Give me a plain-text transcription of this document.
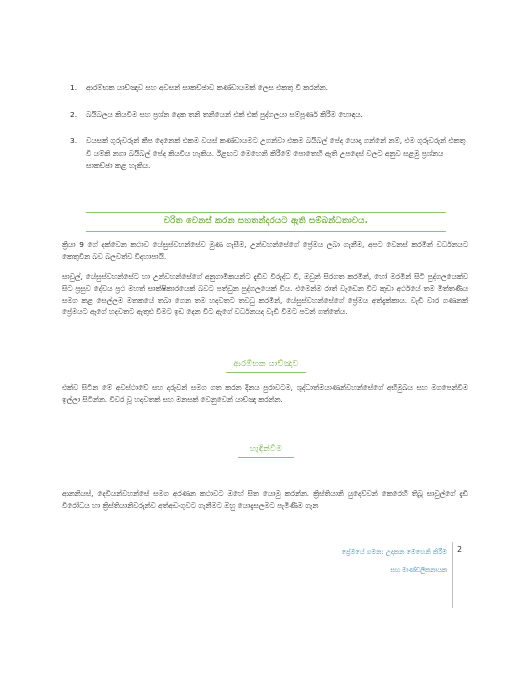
1.	ආරම්භක යාච්ඤාව සහ අවසන් සාකච්ඡාව කණ්ඩායමක් ලෙස එකතු වී කරන්න.
2.	බයිබලය කියවීම සහ ප්‍රශ්න දෙක තනි තනියෙන් එක් එක් පුද්ගලයා සම්පූර්ණ කිරීම හොඳය.
3.	වයසක් ගුරුවරුන් කීප දෙනෙක් එකම වයස් කණ්ඩායමට උගන්වා එකම බයිබල් පේද යොදා ගන්නේ නම්, එම ගුරුවරුන් එකතු වී යම්කි නගා බයිබල් පේද කියවිය හැකිය. ඊළඟට මෙහෙනි කිරීමේ පොතෙහි ඇති උපදෙස් වලට අනුව සළමු ප්‍රශ්නය සාකච්ඡා කළ හැකිය.
චරිත වෙනස් කරන සහතන්දරයට ඇති සම්බන්ධතාවය.

ක්‍රියා 9 ගේ දක්වෙන කථාව යේසුස්වහන්සේව මුණ ගැසීම, උන්වහන්සේගේ ප්‍රේමය ලබා ගැනීම, අපට වෙනස් කරමින් වර්ධනයට කෙතුවින බව බලවත්ව විදහාපායි.

සාවුල්, යේසුස්වහන්සේට හා උන්වහන්සේගේ අනුගාමිකයන්ට දැඩිව විරුද්ධ වී, ඔවුන් සිරගත කරමින්, හෝ මරමින් සිටි පුද්ගලයෙක්ව සිට ප්‍රසුව දේවය ප්‍රථ මහත් සාක්ෂිකාරයෙක් බවට පත්වුන පුද්ගලයෙක් විය. එමෙන්ම රාත් වැඩෙන විට කුඩා අර්ථයේ තම මිත්තණිය සමග කළ සෙල්ලම මතකයේ තබා ගෙන තම හදවතට තවධු කරමින්, යේසුස්වහන්සේගේ ප්‍රේමය අත්දැක්කාය. වැඩි වාර ගණනක් ප්‍රේමයට ඇගේ හදවතට ඇතුළු වීමට ඉඩ දෙන විට ඇගේ වර්ධනයද වැඩි වීමට පටන් ගත්තේය.

ආරම්භක යාච්ඤාව

එක්ව සිටින මේ අවස්ථාවේ සහ දරුවන් සමග ගත කරන දිනය පුරාවටම, ශුද්ධාත්මයාණන්වහන්සේගේ අභිමුඛය සහ මගපෙන්වීම ඉල්ලා සිටින්න. විවර වූ හදවතක් සහ මනසක් වෙනුවෙන් යාච්ඤා කරන්න.

හැඳින්වීම

ආනනියස්, දෙවියන්වහන්සේ සමග අරණන කථාවට ඔහේ සිත යොමු කරන්න. ක්‍රිස්තියානි යුදෙව්වන් කෙරෙහි තිබූ සාවුල්ගේ දැඩි විරෝධය හා ක්‍රිස්තියානිවරුන්ව අත්අඩංගුවට ගැනීමට ඔහු යොදැසලමට පැමිණීම ගැන

ප්‍රේමයේ ගමන: උදාකන මෙහෙනි කිරීම
සහ මාණ්ඩලිකනායක
2
